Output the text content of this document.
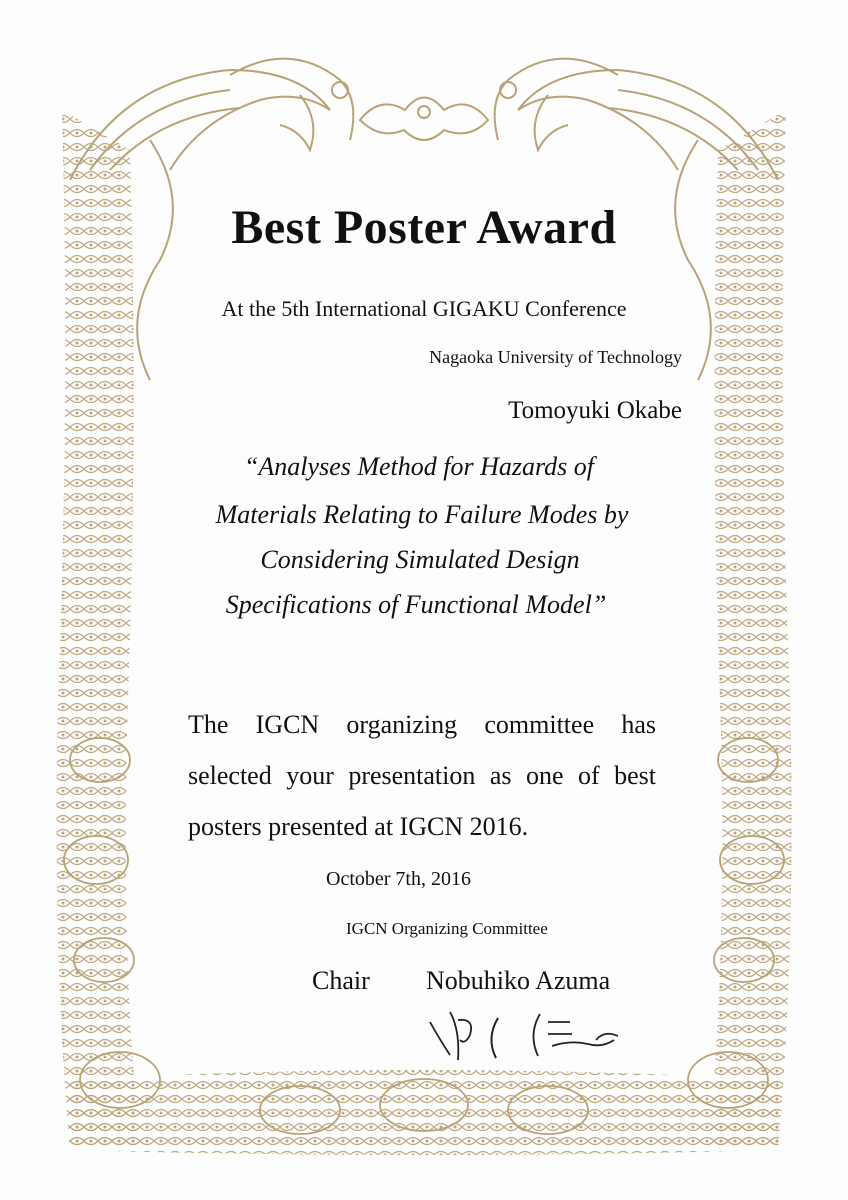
Best Poster Award

At the 5th International GIGAKU Conference

Nagaoka University of Technology

Tomoyuki Okabe

“Analyses Method for Hazards of

Materials Relating to Failure Modes by

Considering Simulated Design

Specifications of Functional Model”

The IGCN organizing committee has

selected your presentation as one of best

posters presented at IGCN 2016.

October 7th, 2016

IGCN Organizing Committee

Chair Nobuhiko Azuma
